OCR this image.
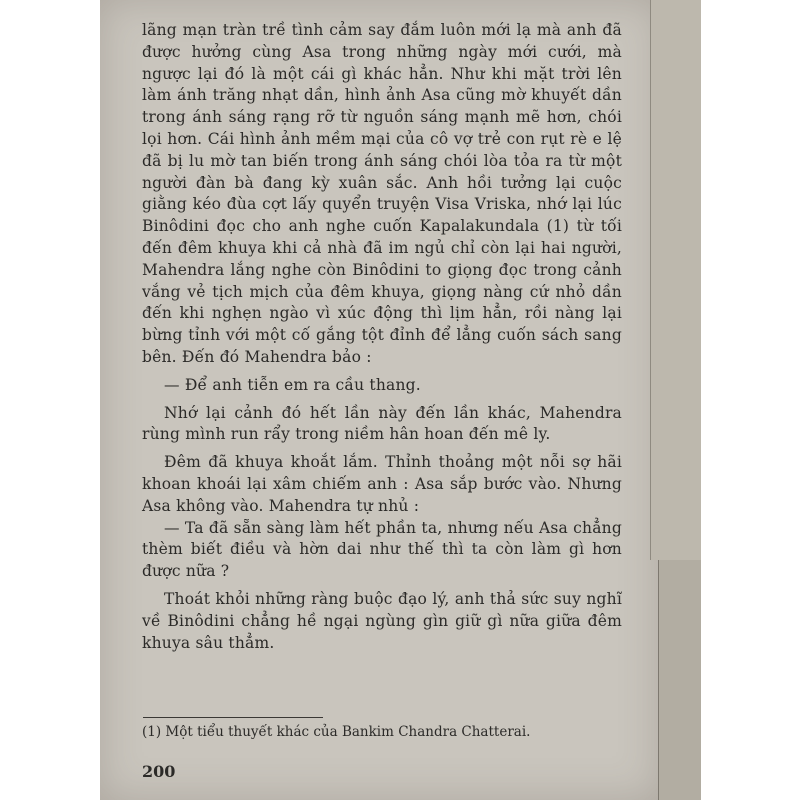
lãng mạn tràn trề tình cảm say đắm luôn mới lạ mà anh đã được hưởng cùng Asa trong những ngày mới cưới, mà ngược lại đó là một cái gì khác hẳn. Như khi mặt trời lên làm ánh trăng nhạt dần, hình ảnh Asa cũng mờ khuyết dần trong ánh sáng rạng rỡ từ nguồn sáng mạnh mẽ hơn, chói lọi hơn. Cái hình ảnh mềm mại của cô vợ trẻ con rụt rè e lệ đã bị lu mờ tan biến trong ánh sáng chói lòa tỏa ra từ một người đàn bà đang kỳ xuân sắc. Anh hồi tưởng lại cuộc giằng kéo đùa cợt lấy quyển truyện Visa Vriska, nhớ lại lúc Binôdini đọc cho anh nghe cuốn Kapalakundala (1) từ tối đến đêm khuya khi cả nhà đã im ngủ chỉ còn lại hai người, Mahendra lắng nghe còn Binôdini to giọng đọc trong cảnh vắng vẻ tịch mịch của đêm khuya, giọng nàng cứ nhỏ dần đến khi nghẹn ngào vì xúc động thì lịm hẳn, rồi nàng lại bừng tỉnh với một cố gắng tột đỉnh để lẳng cuốn sách sang bên. Đến đó Mahendra bảo :

— Để anh tiễn em ra cầu thang.

Nhớ lại cảnh đó hết lần này đến lần khác, Mahendra rùng mình run rẩy trong niềm hân hoan đến mê ly.

Đêm đã khuya khoắt lắm. Thỉnh thoảng một nỗi sợ hãi khoan khoái lại xâm chiếm anh : Asa sắp bước vào. Nhưng Asa không vào. Mahendra tự nhủ :

— Ta đã sẵn sàng làm hết phần ta, nhưng nếu Asa chẳng thèm biết điều và hờn dai như thế thì ta còn làm gì hơn được nữa ?

Thoát khỏi những ràng buộc đạo lý, anh thả sức suy nghĩ về Binôdini chẳng hề ngại ngùng gìn giữ gì nữa giữa đêm khuya sâu thẳm.

(1) Một tiểu thuyết khác của Bankim Chandra Chatterai.
200
